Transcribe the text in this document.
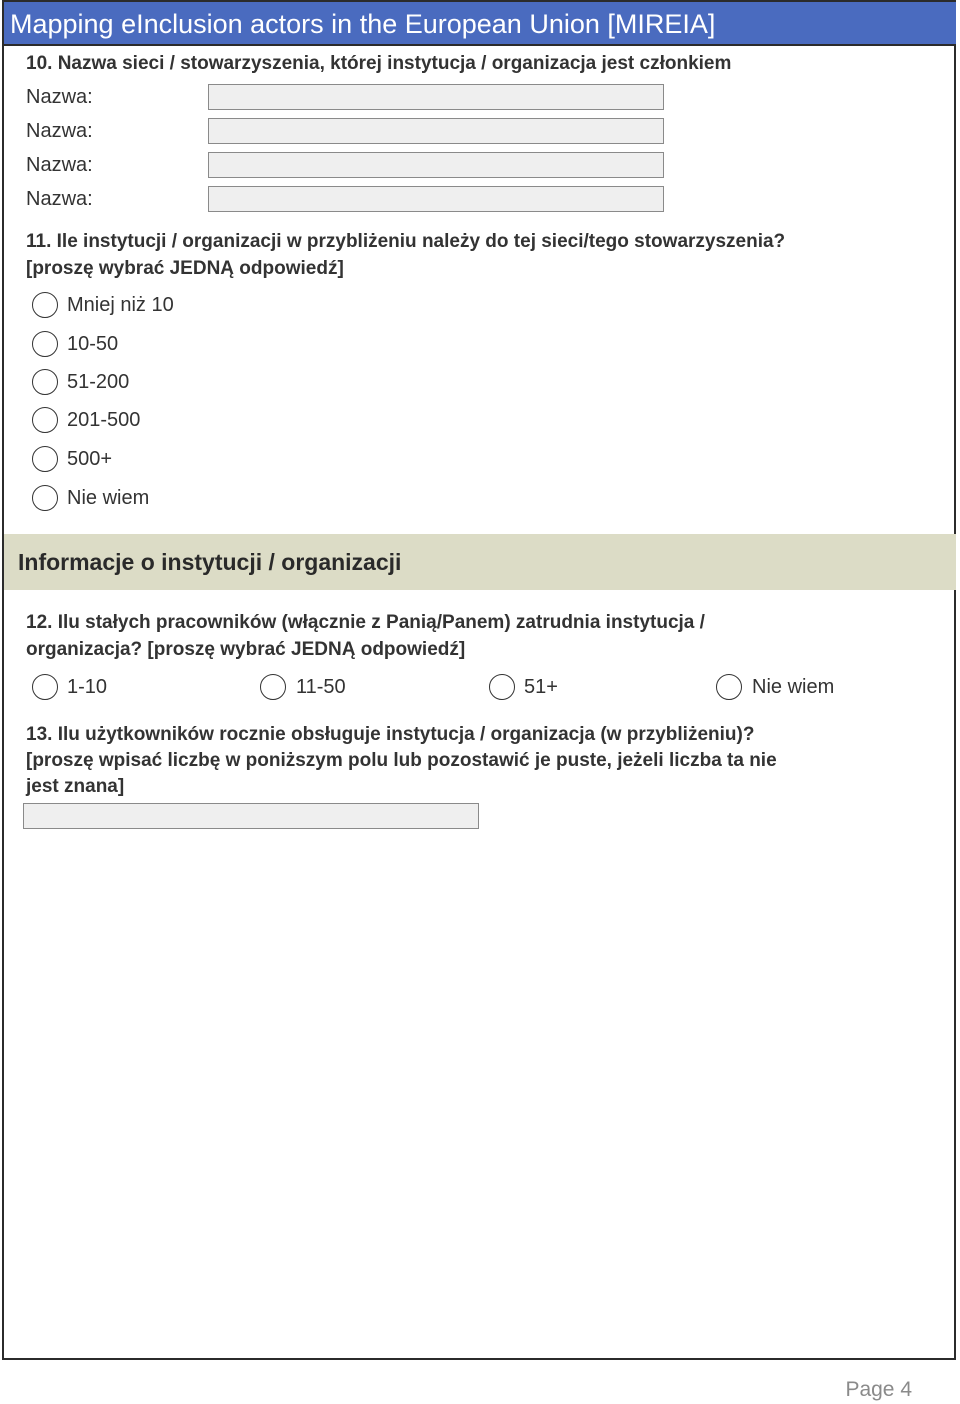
Mapping eInclusion actors in the European Union [MIREIA]
10. Nazwa sieci / stowarzyszenia, której instytucja / organizacja jest członkiem
Nazwa:
Nazwa:
Nazwa:
Nazwa:
11. Ile instytucji / organizacji w przybliżeniu należy do tej sieci/tego stowarzyszenia?
[proszę wybrać JEDNĄ odpowiedź]
Mniej niż 10
10-50
51-200
201-500
500+
Nie wiem
Informacje o instytucji / organizacji
12. Ilu stałych pracowników (włącznie z Panią/Panem) zatrudnia instytucja /
organizacja? [proszę wybrać JEDNĄ odpowiedź]
1-10	11-50	51+	Nie wiem
13. Ilu użytkowników rocznie obsługuje instytucja / organizacja (w przybliżeniu)?
[proszę wpisać liczbę w poniższym polu lub pozostawić je puste, jeżeli liczba ta nie
jest znana]
Page 4
